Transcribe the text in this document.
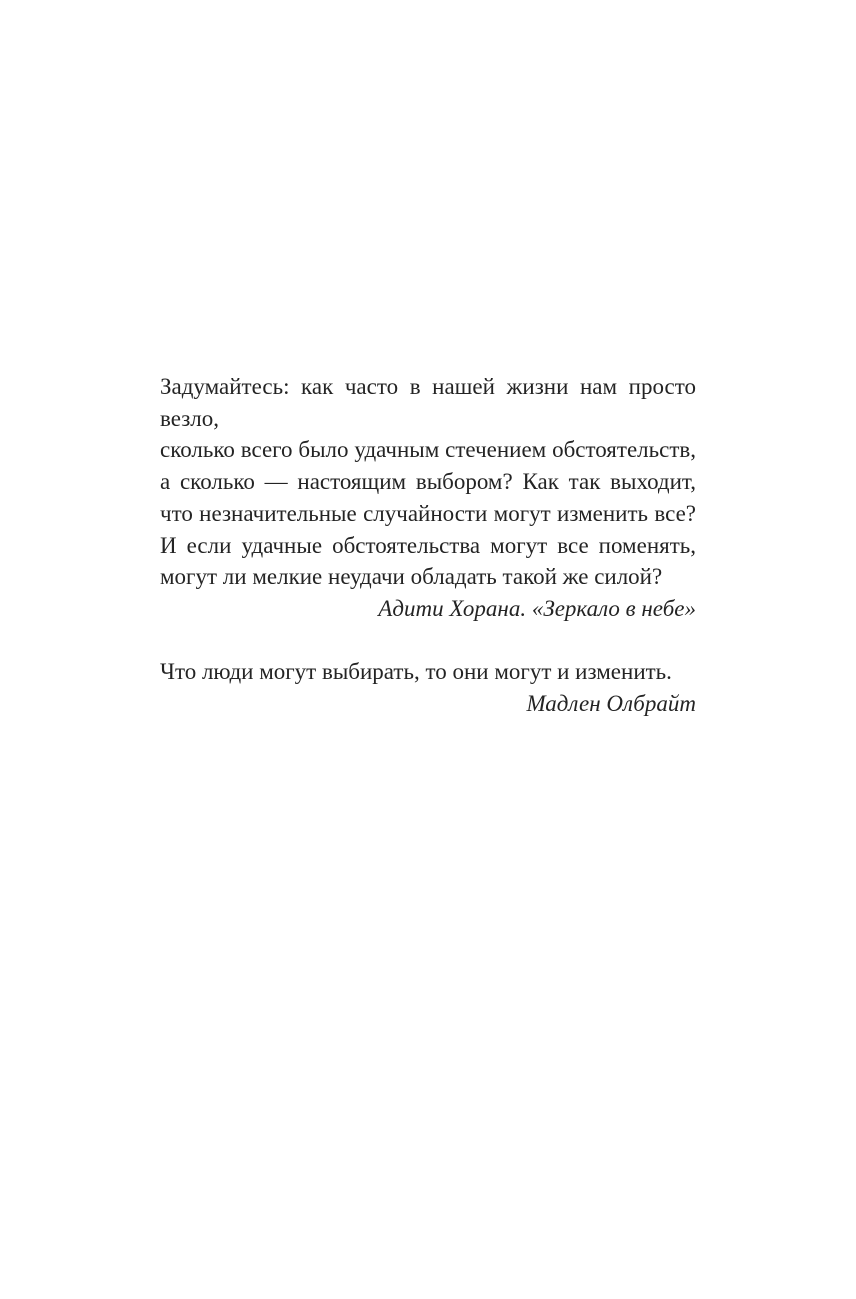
Задумайтесь: как часто в нашей жизни нам просто везло,
сколько всего было удачным стечением обстоятельств,
а сколько — настоящим выбором? Как так выходит,
что незначительные случайности могут изменить все?
И если удачные обстоятельства могут все поменять,
могут ли мелкие неудачи обладать такой же силой?

Адити Хорана. «Зеркало в небе»

Что люди могут выбирать, то они могут и изменить.

Мадлен Олбрайт
